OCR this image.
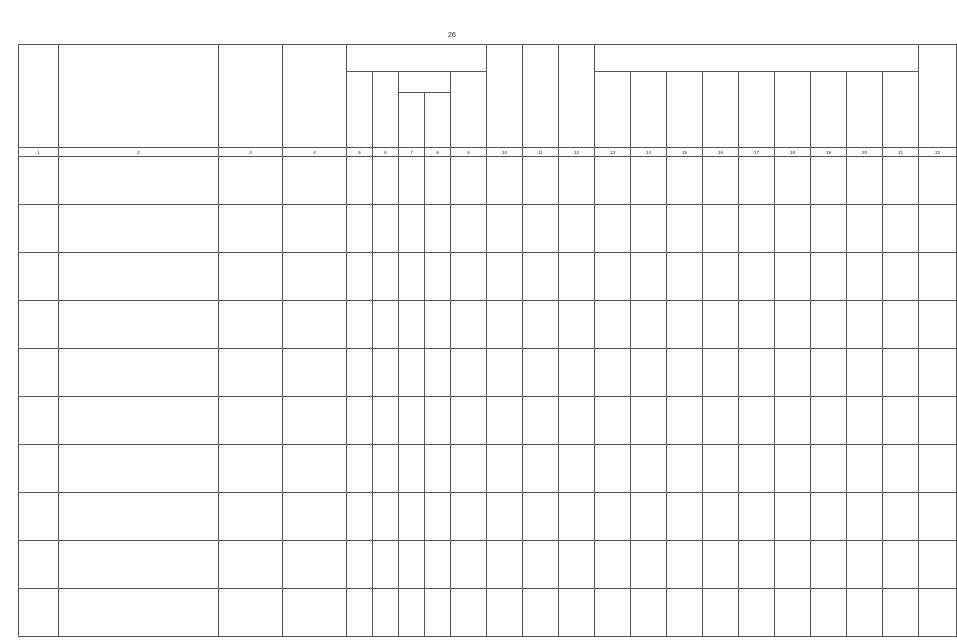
26

1	2	3	4	5	6	7	8	9	10	11	12	13	14	15	16	17	18	19	20	21	22
